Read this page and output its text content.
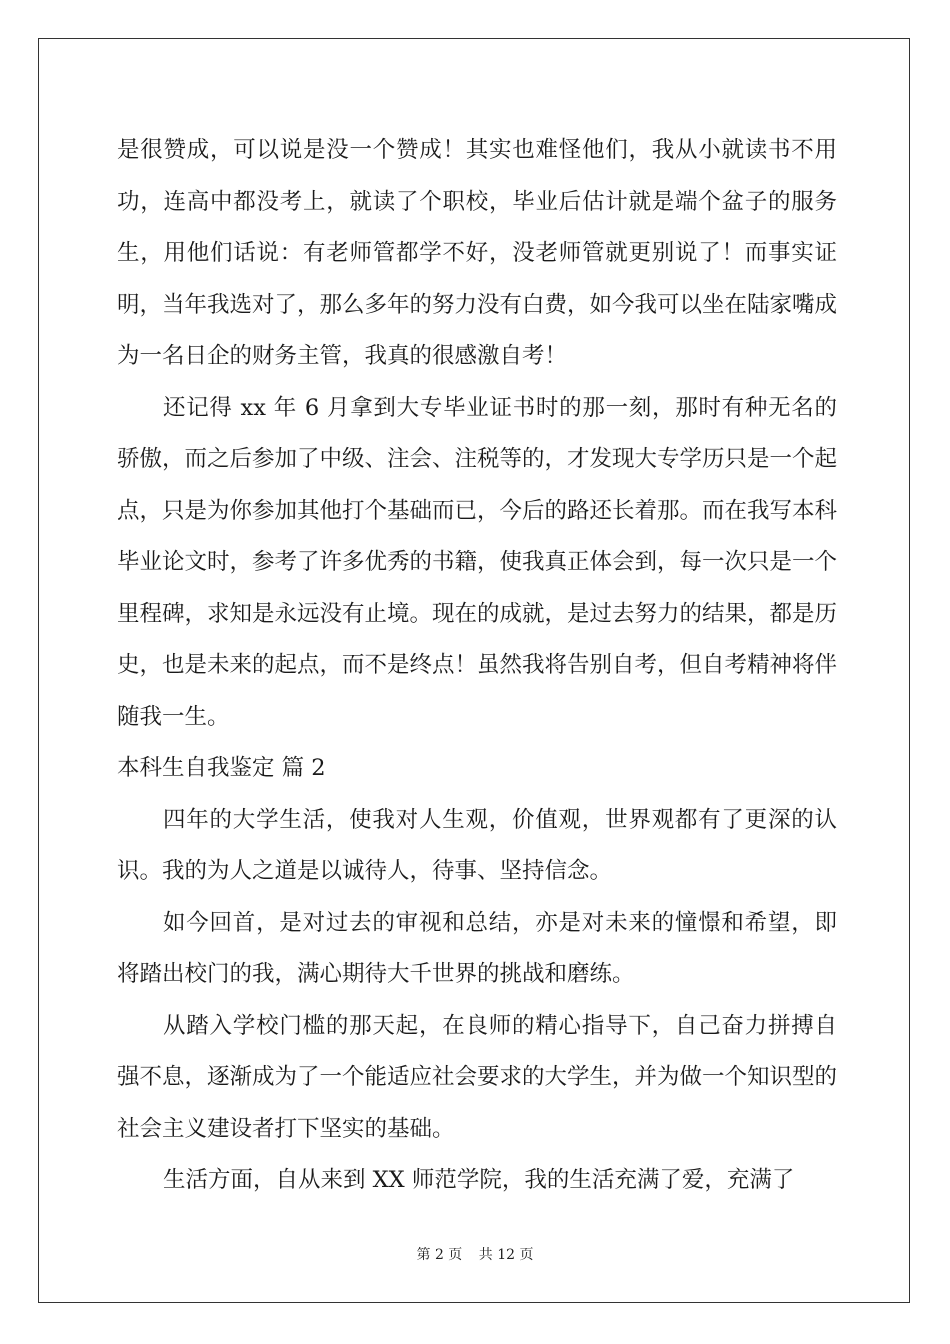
是很赞成，可以说是没一个赞成！其实也难怪他们，我从小就读书不用功，连高中都没考上，就读了个职校，毕业后估计就是端个盆子的服务生，用他们话说：有老师管都学不好，没老师管就更别说了！而事实证明，当年我选对了，那么多年的努力没有白费，如今我可以坐在陆家嘴成为一名日企的财务主管，我真的很感激自考！

还记得 xx 年 6 月拿到大专毕业证书时的那一刻，那时有种无名的骄傲，而之后参加了中级、注会、注税等的，才发现大专学历只是一个起点，只是为你参加其他打个基础而已，今后的路还长着那。而在我写本科毕业论文时，参考了许多优秀的书籍，使我真正体会到，每一次只是一个里程碑，求知是永远没有止境。现在的成就，是过去努力的结果，都是历史，也是未来的起点，而不是终点！虽然我将告别自考，但自考精神将伴随我一生。

本科生自我鉴定 篇 2

四年的大学生活，使我对人生观，价值观，世界观都有了更深的认识。我的为人之道是以诚待人，待事、坚持信念。

如今回首，是对过去的审视和总结，亦是对未来的憧憬和希望，即将踏出校门的我，满心期待大千世界的挑战和磨练。

从踏入学校门槛的那天起，在良师的精心指导下，自己奋力拼搏自强不息，逐渐成为了一个能适应社会要求的大学生，并为做一个知识型的社会主义建设者打下坚实的基础。

生活方面，自从来到 XX 师范学院，我的生活充满了爱，充满了

第 2 页 共 12 页
